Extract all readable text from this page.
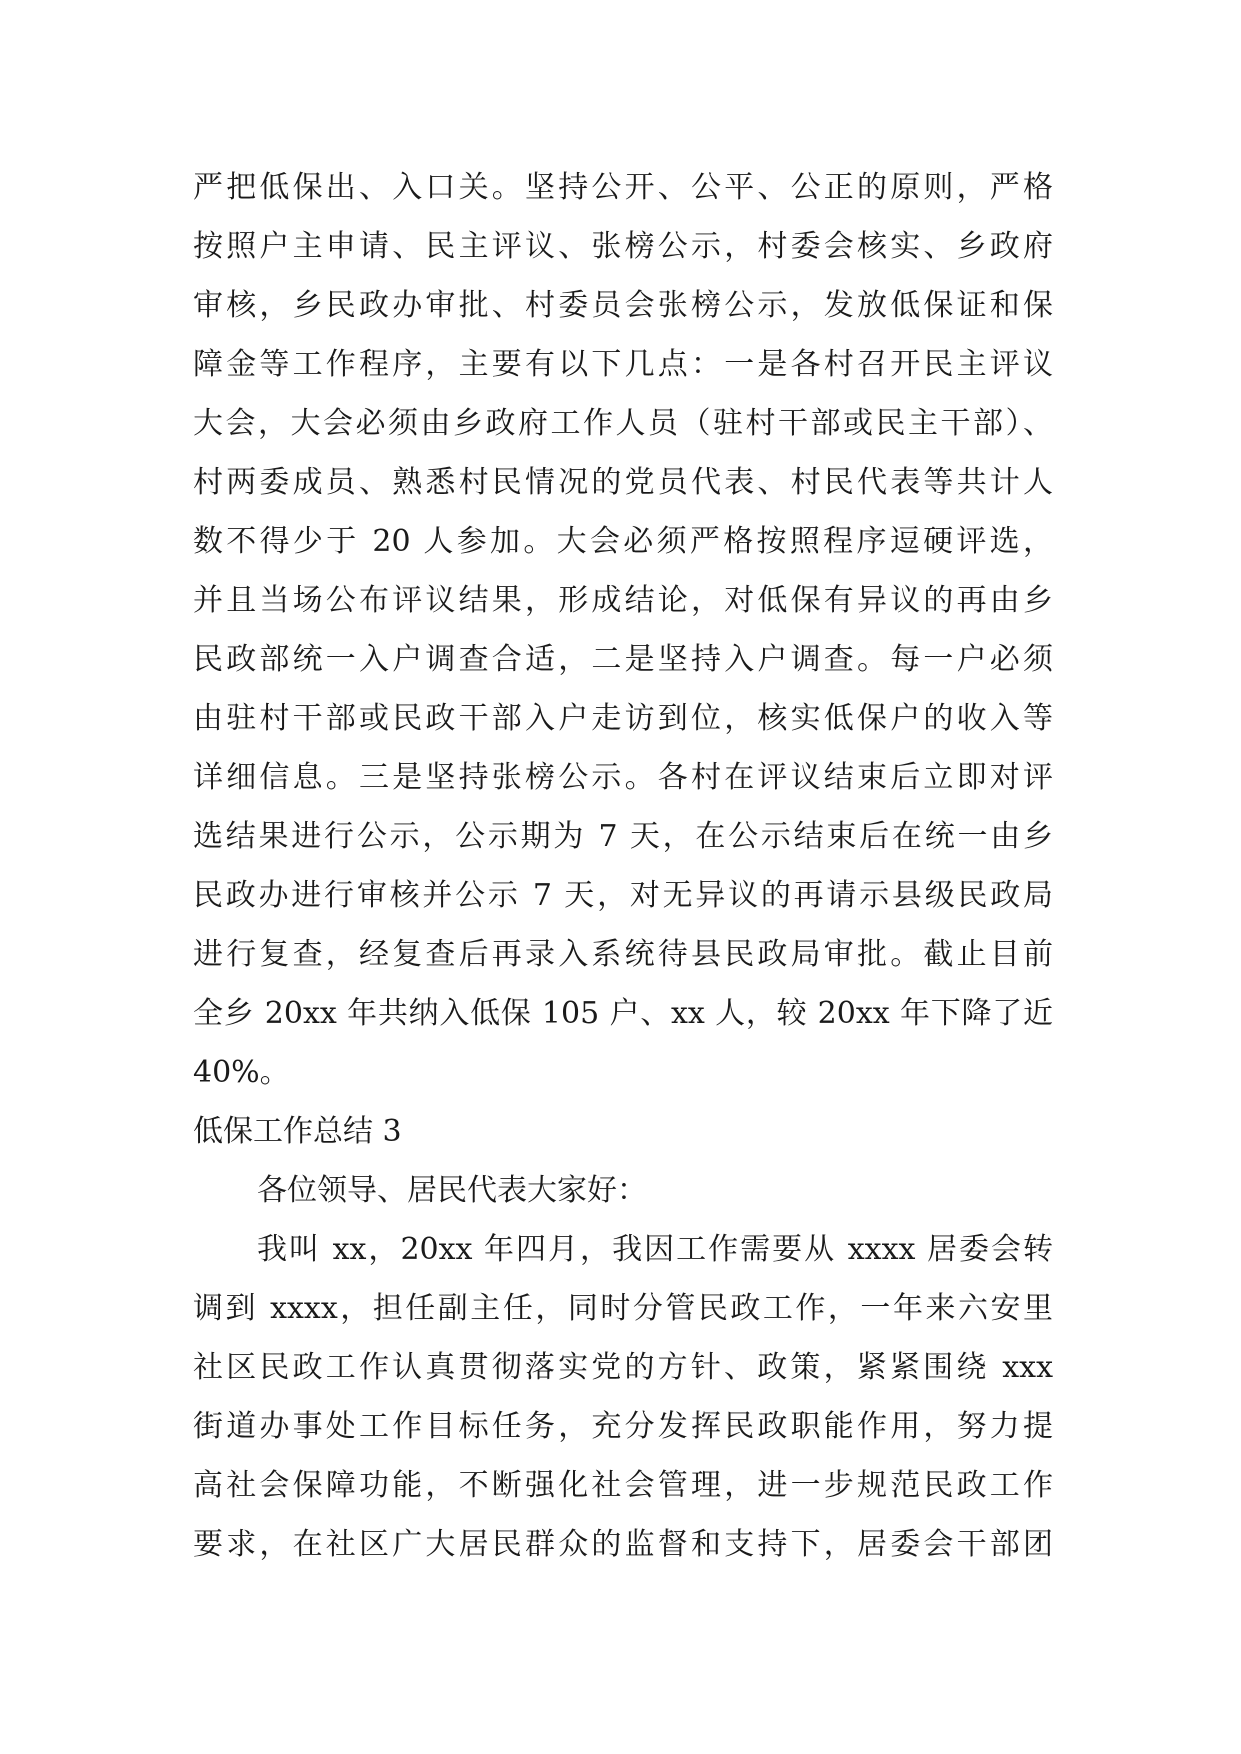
严把低保出、入口关。坚持公开、公平、公正的原则，严格
按照户主申请、民主评议、张榜公示，村委会核实、乡政府
审核，乡民政办审批、村委员会张榜公示，发放低保证和保
障金等工作程序，主要有以下几点：一是各村召开民主评议
大会，大会必须由乡政府工作人员（驻村干部或民主干部）、
村两委成员、熟悉村民情况的党员代表、村民代表等共计人
数不得少于 20 人参加。大会必须严格按照程序逗硬评选，
并且当场公布评议结果，形成结论，对低保有异议的再由乡
民政部统一入户调查合适，二是坚持入户调查。每一户必须
由驻村干部或民政干部入户走访到位，核实低保户的收入等
详细信息。三是坚持张榜公示。各村在评议结束后立即对评
选结果进行公示，公示期为 7 天，在公示结束后在统一由乡
民政办进行审核并公示 7 天，对无异议的再请示县级民政局
进行复查，经复查后再录入系统待县民政局审批。截止目前
全乡 20xx 年共纳入低保 105 户、xx 人，较 20xx 年下降了近
40%。
低保工作总结 3
各位领导、居民代表大家好：
我叫 xx，20xx 年四月，我因工作需要从 xxxx 居委会转
调到 xxxx，担任副主任，同时分管民政工作，一年来六安里
社区民政工作认真贯彻落实党的方针、政策，紧紧围绕 xxx
街道办事处工作目标任务，充分发挥民政职能作用，努力提
高社会保障功能，不断强化社会管理，进一步规范民政工作
要求，在社区广大居民群众的监督和支持下，居委会干部团
